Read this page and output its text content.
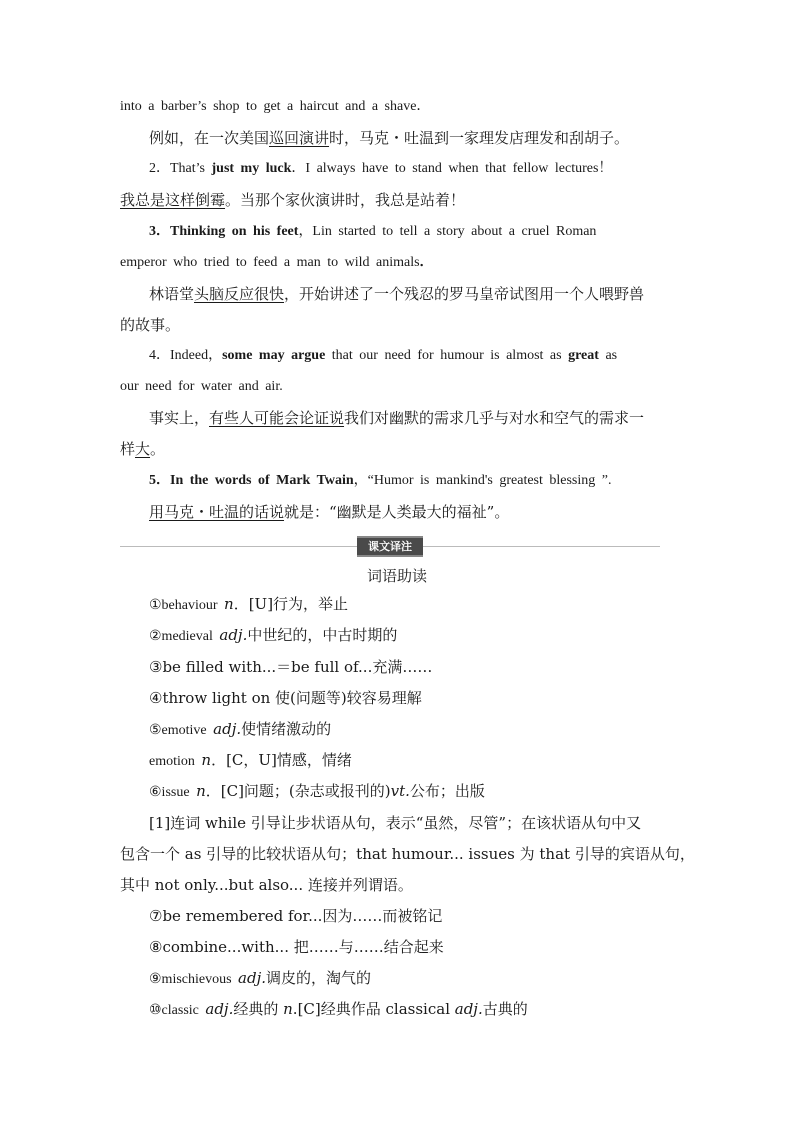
into a barber’s shop to get a haircut and a shave．
例如，在一次美国巡回演讲时，马克・吐温到一家理发店理发和刮胡子。
2．That’s just my luck．I always have to stand when that fellow lectures！
我总是这样倒霉。当那个家伙演讲时，我总是站着！
3．Thinking on his feet，Lin started to tell a story about a cruel Roman
emperor who tried to feed a man to wild animals．
林语堂头脑反应很快，开始讲述了一个残忍的罗马皇帝试图用一个人喂野兽
的故事。
4．Indeed，some may argue that our need for humour is almost as great as
our need for water and air.
事实上，有些人可能会论证说我们对幽默的需求几乎与对水和空气的需求一
样大。
5．In the words of Mark Twain，“Humor is mankind's greatest blessing ”.
用马克・吐温的话说就是：“幽默是人类最大的福祉”。
课文译注
词语助读
①behaviour n．[U]行为，举止
②medieval adj.中世纪的，中古时期的
③be filled with...＝be full of...充满……
④throw light on 使(问题等)较容易理解
⑤emotive adj.使情绪激动的
emotion n．[C，U]情感，情绪
⑥issue n．[C]问题；(杂志或报刊的)vt.公布；出版
[1]连词 while 引导让步状语从句，表示“虽然，尽管”；在该状语从句中又
包含一个 as 引导的比较状语从句；that humour... issues 为 that 引导的宾语从句，
其中 not only...but also... 连接并列谓语。
⑦be remembered for...因为……而被铭记
⑧combine...with... 把……与……结合起来
⑨mischievous adj.调皮的，淘气的
⑩classic adj.经典的 n.[C]经典作品 classical adj.古典的
